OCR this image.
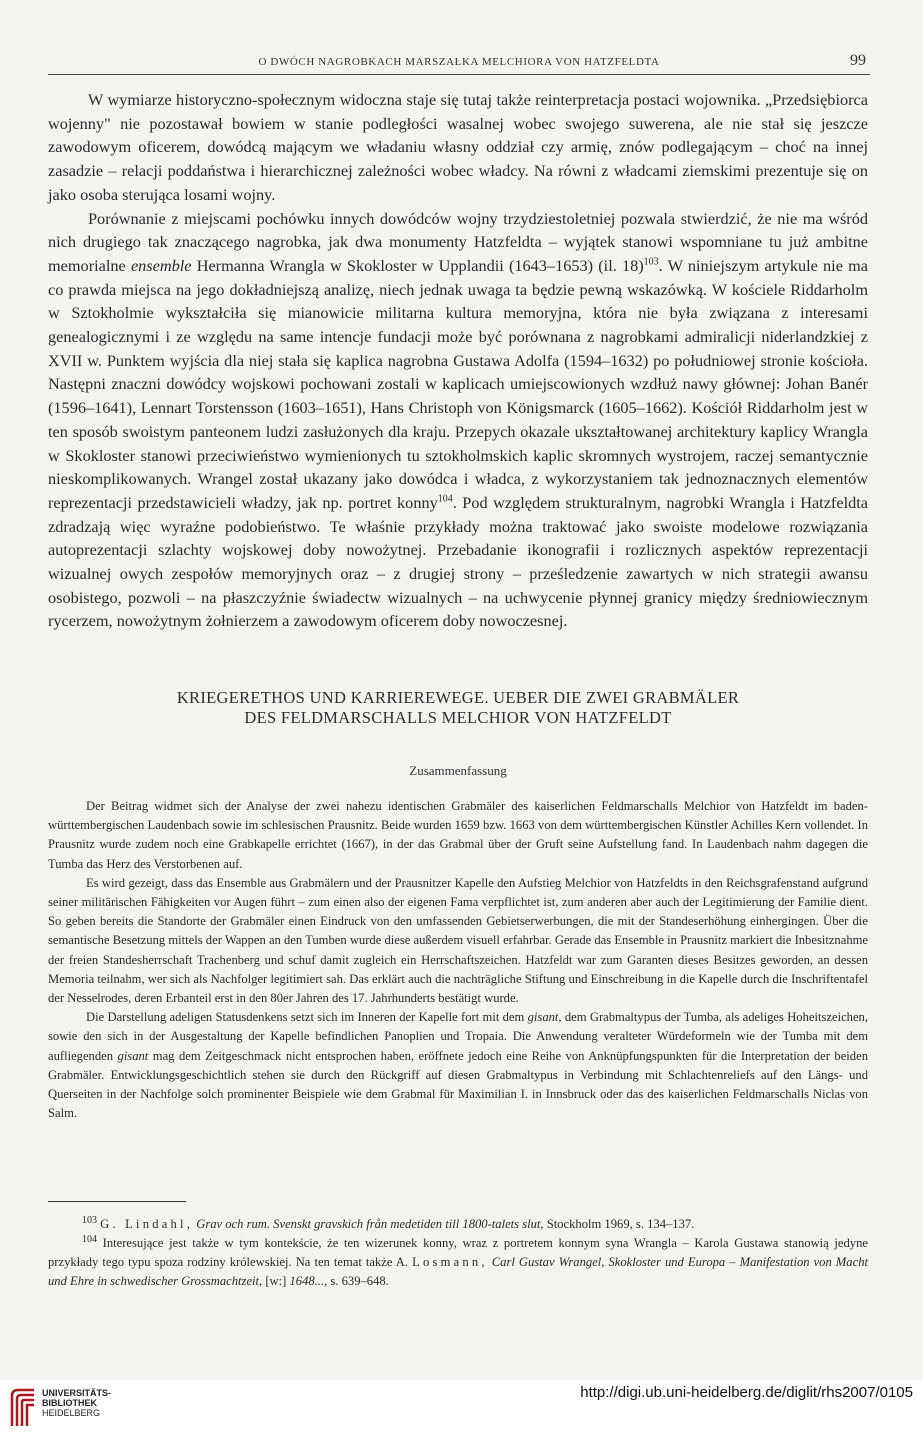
O DWÓCH NAGROBKACH MARSZAŁKA MELCHIORA VON HATZFELDTA	99

W wymiarze historyczno-społecznym widoczna staje się tutaj także reinterpretacja postaci wojownika. „Przedsiębiorca wojenny" nie pozostawał bowiem w stanie podległości wasalnej wobec swojego suwerena, ale nie stał się jeszcze zawodowym oficerem, dowódcą mającym we władaniu własny oddział czy armię, znów podlegającym – choć na innej zasadzie – relacji poddaństwa i hierarchicznej zależności wobec władcy. Na równi z władcami ziemskimi prezentuje się on jako osoba sterująca losami wojny.

Porównanie z miejscami pochówku innych dowódców wojny trzydziestoletniej pozwala stwierdzić, że nie ma wśród nich drugiego tak znaczącego nagrobka, jak dwa monumenty Hatzfeldta – wyjątek stanowi wspomniane tu już ambitne memorialne ensemble Hermanna Wrangla w Skokloster w Upplandii (1643–1653) (il. 18)$^{103}$. W niniejszym artykule nie ma co prawda miejsca na jego dokładniejszą analizę, niech jednak uwaga ta będzie pewną wskazówką. W kościele Riddarholm w Sztokholmie wykształciła się mianowicie militarna kultura memoryjna, która nie była związana z interesami genealogicznymi i ze względu na same intencje fundacji może być porównana z nagrobkami admiralicji niderlandzkiej z XVII w. Punktem wyjścia dla niej stała się kaplica nagrobna Gustawa Adolfa (1594–1632) po południowej stronie kościoła. Następni znaczni dowódcy wojskowi pochowani zostali w kaplicach umiejscowionych wzdłuż nawy głównej: Johan Banér (1596–1641), Lennart Torstensson (1603–1651), Hans Christoph von Königsmarck (1605–1662). Kościół Riddarholm jest w ten sposób swoistym panteonem ludzi zasłużonych dla kraju. Przepych okazale ukształtowanej architektury kaplicy Wrangla w Skokloster stanowi przeciwieństwo wymienionych tu sztokholmskich kaplic skromnych wystrojem, raczej semantycznie nieskomplikowanych. Wrangel został ukazany jako dowódca i władca, z wykorzystaniem tak jednoznacznych elementów reprezentacji przedstawicieli władzy, jak np. portret konny$^{104}$. Pod względem strukturalnym, nagrobki Wrangla i Hatzfeldta zdradzają więc wyraźne podobieństwo. Te właśnie przykłady można traktować jako swoiste modelowe rozwiązania autoprezentacji szlachty wojskowej doby nowożytnej. Przebadanie ikonografii i rozlicznych aspektów reprezentacji wizualnej owych zespołów memoryjnych oraz – z drugiej strony – prześledzenie zawartych w nich strategii awansu osobistego, pozwoli – na płaszczyźnie świadectw wizualnych – na uchwycenie płynnej granicy między średniowiecznym rycerzem, nowożytnym żołnierzem a zawodowym oficerem doby nowoczesnej.

KRIEGERETHOS UND KARRIEREWEGE. UEBER DIE ZWEI GRABMÄLER
DES FELDMARSCHALLS MELCHIOR VON HATZFELDT
Zusammenfassung

Der Beitrag widmet sich der Analyse der zwei nahezu identischen Grabmäler des kaiserlichen Feldmarschalls Melchior von Hatzfeldt im baden-württembergischen Laudenbach sowie im schlesischen Prausnitz. Beide wurden 1659 bzw. 1663 von dem württembergischen Künstler Achilles Kern vollendet. In Prausnitz wurde zudem noch eine Grabkapelle errichtet (1667), in der das Grabmal über der Gruft seine Aufstellung fand. In Laudenbach nahm dagegen die Tumba das Herz des Verstorbenen auf.

Es wird gezeigt, dass das Ensemble aus Grabmälern und der Prausnitzer Kapelle den Aufstieg Melchior von Hatzfeldts in den Reichsgrafenstand aufgrund seiner militärischen Fähigkeiten vor Augen führt – zum einen also der eigenen Fama verpflichtet ist, zum anderen aber auch der Legitimierung der Familie dient. So geben bereits die Standorte der Grabmäler einen Eindruck von den umfassenden Gebietserwerbungen, die mit der Standeserhöhung einhergingen. Über die semantische Besetzung mittels der Wappen an den Tumben wurde diese außerdem visuell erfahrbar. Gerade das Ensemble in Prausnitz markiert die Inbesitznahme der freien Standesherrschaft Trachenberg und schuf damit zugleich ein Herrschaftszeichen. Hatzfeldt war zum Garanten dieses Besitzes geworden, an dessen Memoria teilnahm, wer sich als Nachfolger legitimiert sah. Das erklärt auch die nachträgliche Stiftung und Einschreibung in die Kapelle durch die Inschriftentafel der Nesselrodes, deren Erbanteil erst in den 80er Jahren des 17. Jahrhunderts bestätigt wurde.

Die Darstellung adeligen Statusdenkens setzt sich im Inneren der Kapelle fort mit dem gisant, dem Grabmaltypus der Tumba, als adeliges Hoheitszeichen, sowie den sich in der Ausgestaltung der Kapelle befindlichen Panoplien und Tropaia. Die Anwendung veralteter Würdeformeln wie der Tumba mit dem aufliegenden gisant mag dem Zeitgeschmack nicht entsprochen haben, eröffnete jedoch eine Reihe von Anknüpfungspunkten für die Interpretation der beiden Grabmäler. Entwicklungsgeschichtlich stehen sie durch den Rückgriff auf diesen Grabmaltypus in Verbindung mit Schlachtenreliefs auf den Längs- und Querseiten in der Nachfolge solch prominenter Beispiele wie dem Grabmal für Maximilian I. in Innsbruck oder das des kaiserlichen Feldmarschalls Niclas von Salm.

$^{103}$ G. Lindahl, Grav och rum. Svenskt gravskich från medetiden till 1800-talets slut, Stockholm 1969, s. 134–137.

$^{104}$ Interesujące jest także w tym kontekście, że ten wizerunek konny, wraz z portretem konnym syna Wrangla – Karola Gustawa stanowią jedyne przykłady tego typu spoza rodziny królewskiej. Na ten temat także A. Losmann, Carl Gustav Wrangel, Skokloster und Europa – Manifestation von Macht und Ehre in schwedischer Grossmachtzeit, [w:] 1648..., s. 639–648.

UNIVERSITÄTS-
BIBLIOTHEK
HEIDELBERG
http://digi.ub.uni-heidelberg.de/diglit/rhs2007/0105
